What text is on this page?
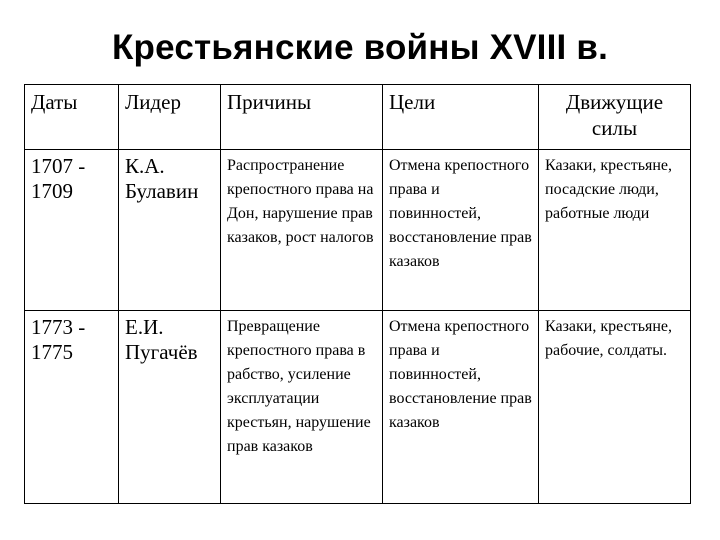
Крестьянские войны XVIII в.
Даты	Лидер	Причины	Цели	Движущие силы
1707 - 1709	К.А. Булавин	Распространение крепостного права на Дон, нарушение прав казаков, рост налогов	Отмена крепостного права и повинностей, восстановление прав казаков	Казаки, крестьяне, посадские люди, работные люди
1773 - 1775	Е.И. Пугачёв	Превращение крепостного права в рабство, усиление эксплуатации крестьян, нарушение прав казаков	Отмена крепостного права и повинностей, восстановление прав казаков	Казаки, крестьяне, рабочие, солдаты.
